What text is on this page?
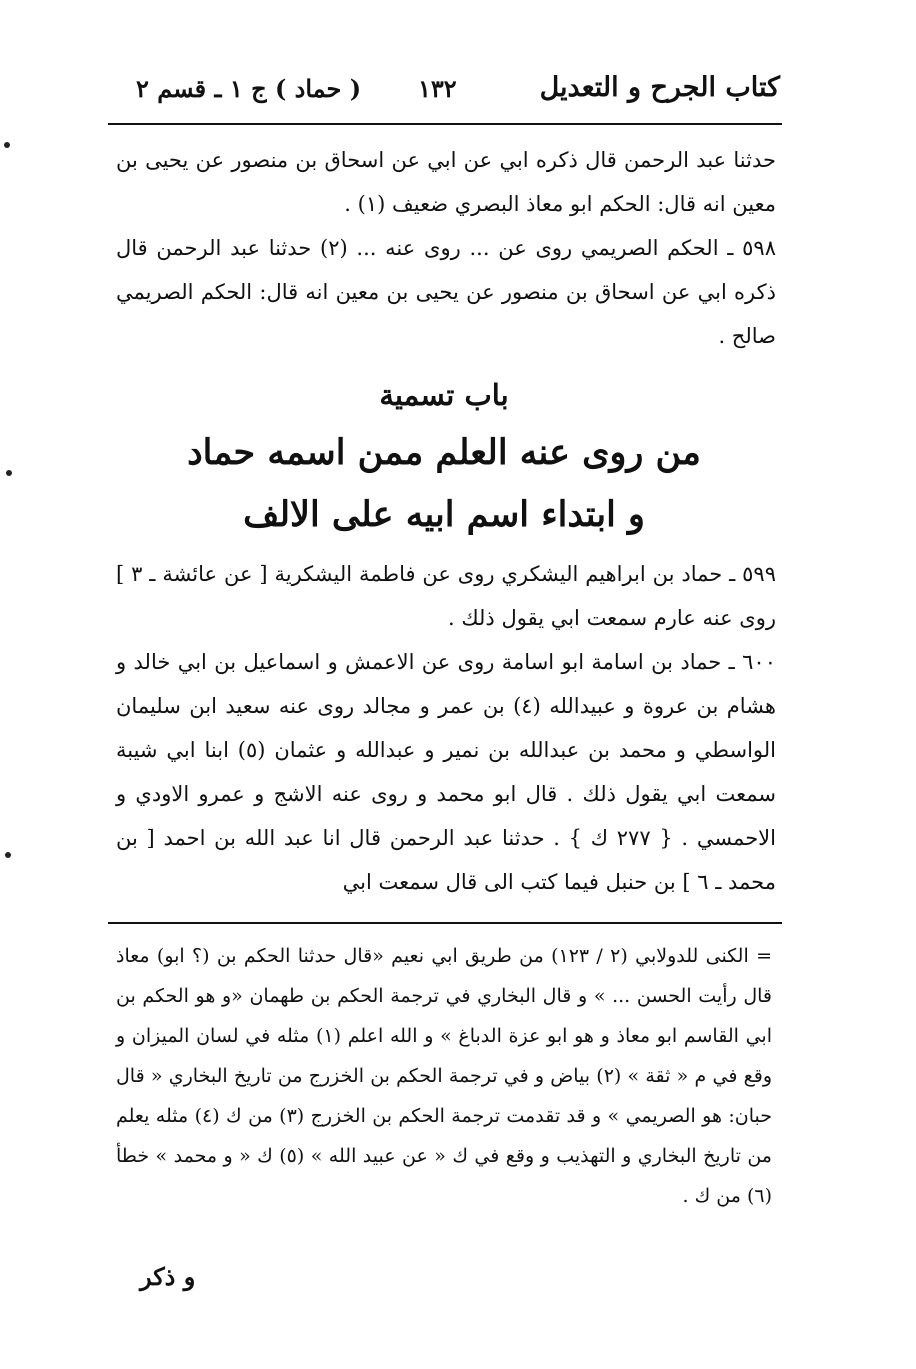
كتاب الجرح و التعديل
١٣٢
( حماد ) ج ١ ـ قسم ٢

حدثنا عبد الرحمن قال ذكره ابي عن ابي عن اسحاق بن منصور عن يحيى بن معين انه قال: الحكم ابو معاذ البصري ضعيف (١) .

٥٩٨ ـ الحكم الصريمي روى عن ... روى عنه ... (٢) حدثنا عبد الرحمن قال ذكره ابي عن اسحاق بن منصور عن يحيى بن معين انه قال: الحكم الصريمي صالح .

باب تسمية
من روى عنه العلم ممن اسمه حماد
و ابتداء اسم ابيه على الالف

٥٩٩ ـ حماد بن ابراهيم اليشكري روى عن فاطمة اليشكرية [ عن عائشة ـ ٣ ] روى عنه عارم سمعت ابي يقول ذلك .

٦٠٠ ـ حماد بن اسامة ابو اسامة روى عن الاعمش و اسماعيل بن ابي خالد و هشام بن عروة و عبيدالله (٤) بن عمر و مجالد روى عنه سعيد ابن سليمان الواسطي و محمد بن عبدالله بن نمير و عبدالله و عثمان (٥) ابنا ابي شيبة سمعت ابي يقول ذلك . قال ابو محمد و روى عنه الاشج و عمرو الاودي و الاحمسي . { ٢٧٧ ك } . حدثنا عبد الرحمن قال انا عبد الله بن احمد [ بن محمد ـ ٦ ] بن حنبل فيما كتب الى قال سمعت ابي

= الكنى للدولابي (٢ / ١٢٣) من طريق ابي نعيم «قال حدثنا الحكم بن (؟ ابو) معاذ قال رأيت الحسن ... » و قال البخاري في ترجمة الحكم بن طهمان «و هو الحكم بن ابي القاسم ابو معاذ و هو ابو عزة الدباغ » و الله اعلم (١) مثله في لسان الميزان و وقع في م « ثقة » (٢) بياض و في ترجمة الحكم بن الخزرج من تاريخ البخاري « قال حبان: هو الصريمي » و قد تقدمت ترجمة الحكم بن الخزرج (٣) من ك (٤) مثله يعلم من تاريخ البخاري و التهذيب و وقع في ك « عن عبيد الله » (٥) ك « و محمد » خطأ (٦) من ك .

و ذكر
